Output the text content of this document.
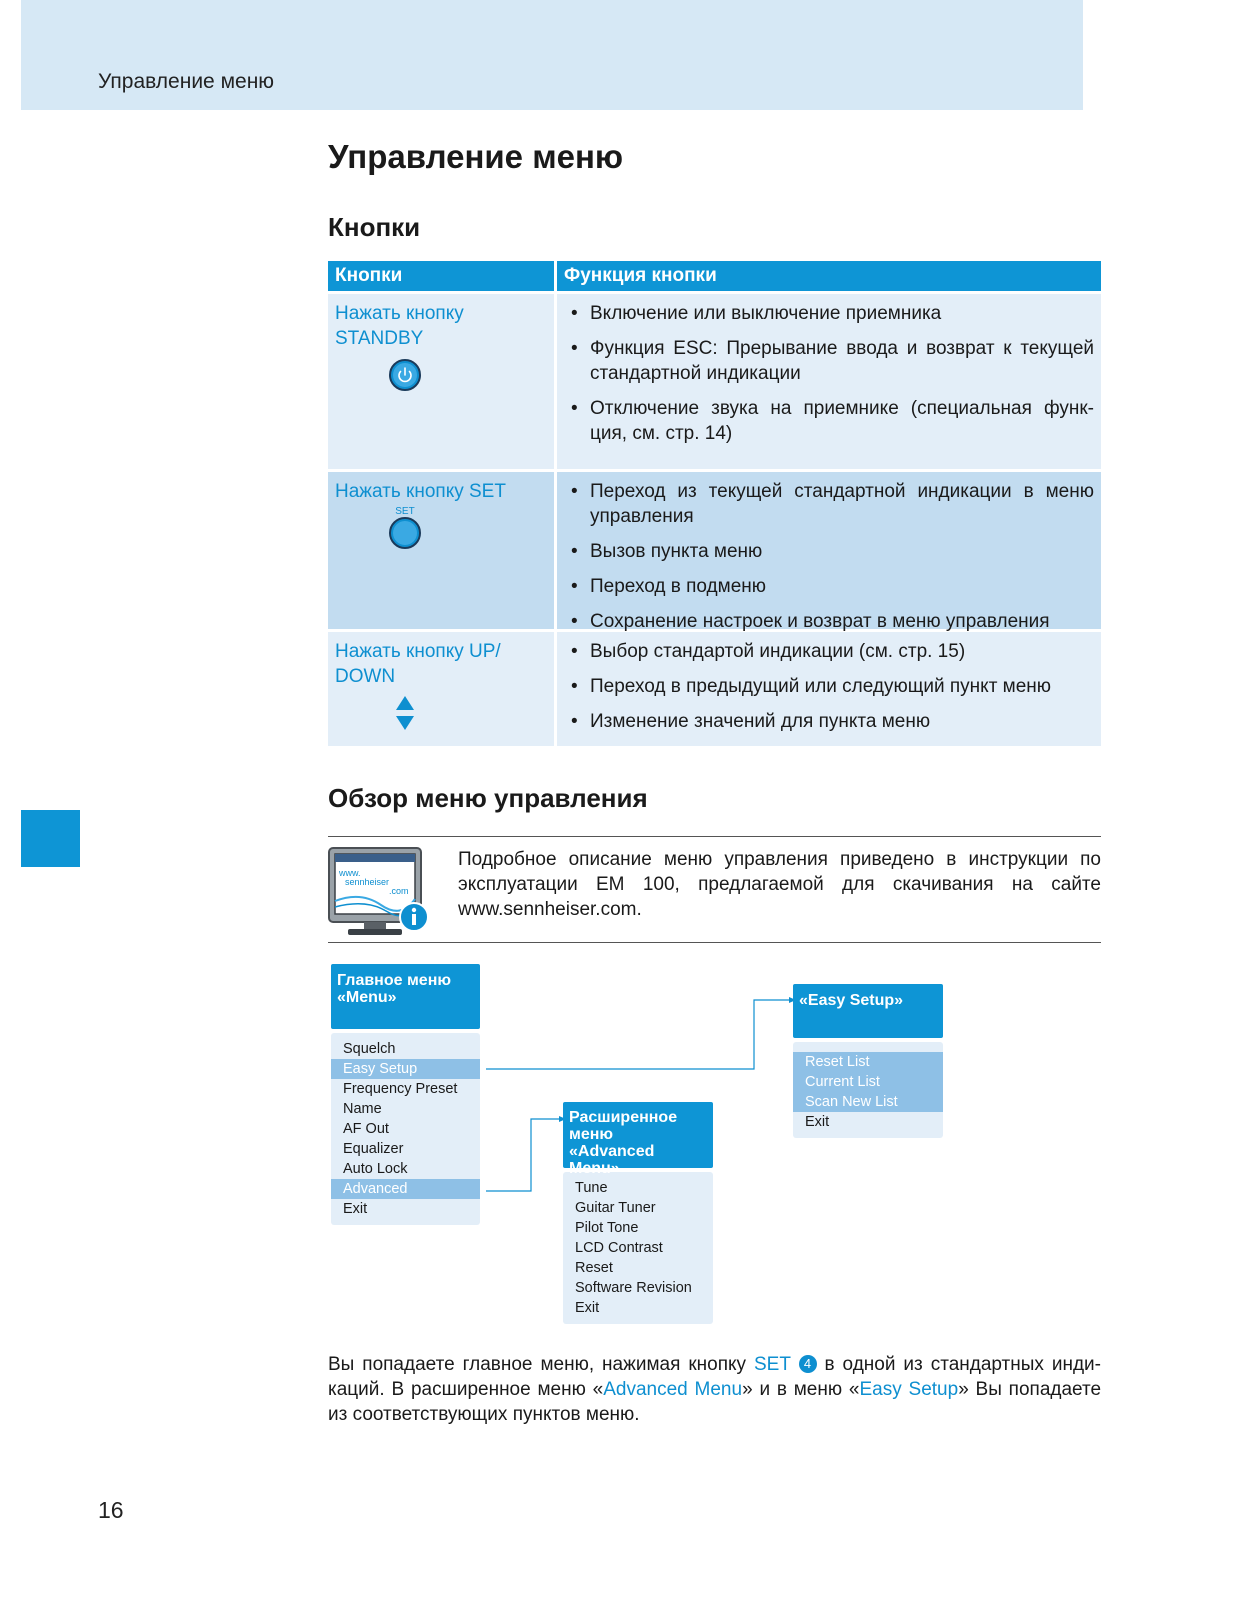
Управление меню
Управление меню
Кнопки
Кнопки	Функция кнопки
Нажать кнопку STANDBY
• Включение или выключение приемника
• Функция ESC: Прерывание ввода и возврат к текущей стандартной индикации
• Отключение звука на приемнике (специальная функ-ция, см. стр. 14)
Нажать кнопку SET
SET
• Переход из текущей стандартной индикации в меню управления
• Вызов пункта меню
• Переход в подменю
• Сохранение настроек и возврат в меню управления
Нажать кнопку UP/ DOWN
• Выбор стандартой индикации (см. стр. 15)
• Переход в предыдущий или следующий пункт меню
• Изменение значений для пункта меню
Обзор меню управления
www.
sennheiser
.com
Подробное описание меню управления приведено в инструкции по эксплуатации EM 100, предлагаемой для скачивания на сайте www.sennheiser.com.
Главное меню
«Menu»
Squelch
Easy Setup
Frequency Preset
Name
AF Out
Equalizer
Auto Lock
Advanced
Exit
Расширенное
меню
«Advanced Menu»
Tune
Guitar Tuner
Pilot Tone
LCD Contrast
Reset
Software Revision
Exit
«Easy Setup»
Reset List
Current List
Scan New List
Exit
Вы попадаете главное меню, нажимая кнопку SET 4 в одной из стандартных инди-каций. В расширенное меню «Advanced Menu» и в меню «Easy Setup» Вы попадаете из соответствующих пунктов меню.
16
